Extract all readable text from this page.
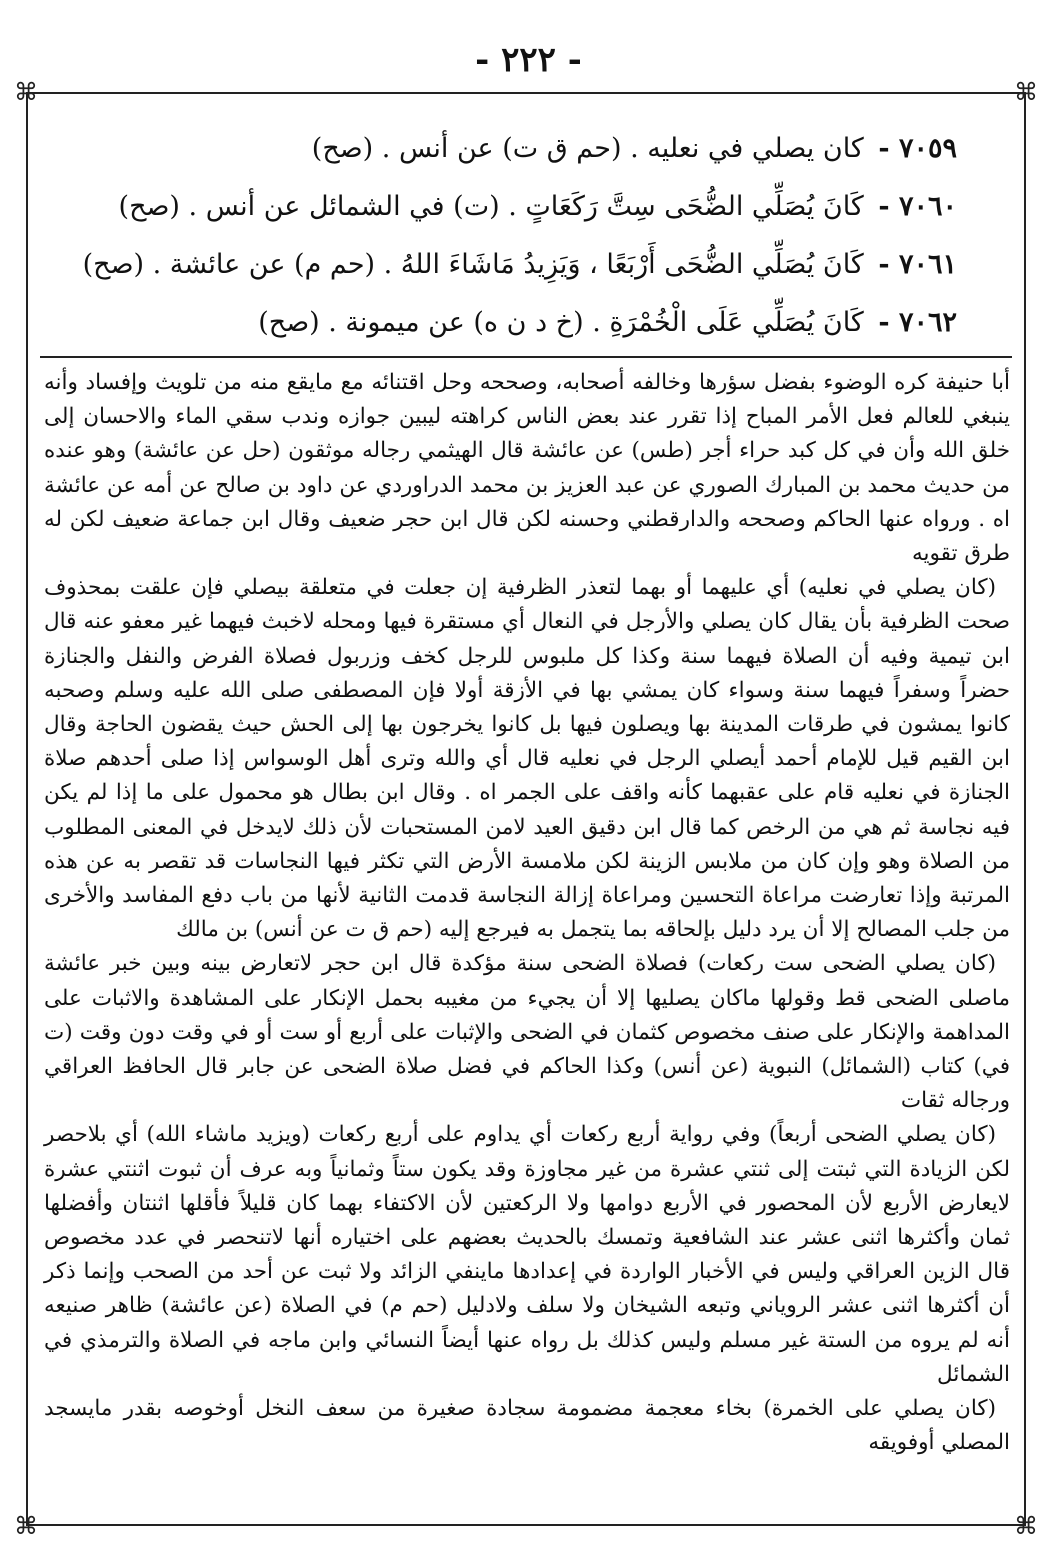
- ٢٢٢ -
⌘	⌘
⌘	⌘
٧٠٥٩ - كان يصلي في نعليه . (حم ق ت) عن أنس . (صح)
٧٠٦٠ - كَانَ يُصَلِّي الضُّحَى سِتَّ رَكَعَاتٍ . (ت) في الشمائل عن أنس . (صح)
٧٠٦١ - كَانَ يُصَلِّي الضُّحَى أَرْبَعًا ، وَيَزِيدُ مَاشَاءَ اللهُ . (حم م) عن عائشة . (صح)
٧٠٦٢ - كَانَ يُصَلِّي عَلَى الْخُمْرَةِ . (خ د ن ه) عن ميمونة . (صح)

أبا حنيفة كره الوضوء بفضل سؤرها وخالفه أصحابه، وصححه وحل اقتنائه مع مايقع منه من تلويث وإفساد وأنه ينبغي للعالم فعل الأمر المباح إذا تقرر عند بعض الناس كراهته ليبين جوازه وندب سقي الماء والاحسان إلى خلق الله وأن في كل كبد حراء أجر (طس) عن عائشة قال الهيثمي رجاله موثقون (حل عن عائشة) وهو عنده من حديث محمد بن المبارك الصوري عن عبد العزيز بن محمد الدراوردي عن داود بن صالح عن أمه عن عائشة اه . ورواه عنها الحاكم وصححه والدارقطني وحسنه لكن قال ابن حجر ضعيف وقال ابن جماعة ضعيف لكن له طرق تقويه

(كان يصلي في نعليه) أي عليهما أو بهما لتعذر الظرفية إن جعلت في متعلقة بيصلي فإن علقت بمحذوف صحت الظرفية بأن يقال كان يصلي والأرجل في النعال أي مستقرة فيها ومحله لاخبث فيهما غير معفو عنه قال ابن تيمية وفيه أن الصلاة فيهما سنة وكذا كل ملبوس للرجل كخف وزربول فصلاة الفرض والنفل والجنازة حضراً وسفراً فيهما سنة وسواء كان يمشي بها في الأزقة أولا فإن المصطفى صلى الله عليه وسلم وصحبه كانوا يمشون في طرقات المدينة بها ويصلون فيها بل كانوا يخرجون بها إلى الحش حيث يقضون الحاجة وقال ابن القيم قيل للإمام أحمد أيصلي الرجل في نعليه قال أي والله وترى أهل الوسواس إذا صلى أحدهم صلاة الجنازة في نعليه قام على عقبهما كأنه واقف على الجمر اه . وقال ابن بطال هو محمول على ما إذا لم يكن فيه نجاسة ثم هي من الرخص كما قال ابن دقيق العيد لامن المستحبات لأن ذلك لايدخل في المعنى المطلوب من الصلاة وهو وإن كان من ملابس الزينة لكن ملامسة الأرض التي تكثر فيها النجاسات قد تقصر به عن هذه المرتبة وإذا تعارضت مراعاة التحسين ومراعاة إزالة النجاسة قدمت الثانية لأنها من باب دفع المفاسد والأخرى من جلب المصالح إلا أن يرد دليل بإلحاقه بما يتجمل به فيرجع إليه (حم ق ت عن أنس) بن مالك

(كان يصلي الضحى ست ركعات) فصلاة الضحى سنة مؤكدة قال ابن حجر لاتعارض بينه وبين خبر عائشة ماصلى الضحى قط وقولها ماكان يصليها إلا أن يجيء من مغيبه بحمل الإنكار على المشاهدة والاثبات على المداهمة والإنكار على صنف مخصوص كثمان في الضحى والإثبات على أربع أو ست أو في وقت دون وقت (ت في) كتاب (الشمائل) النبوية (عن أنس) وكذا الحاكم في فضل صلاة الضحى عن جابر قال الحافظ العراقي ورجاله ثقات

(كان يصلي الضحى أربعاً) وفي رواية أربع ركعات أي يداوم على أربع ركعات (ويزيد ماشاء الله) أي بلاحصر لكن الزيادة التي ثبتت إلى ثنتي عشرة من غير مجاوزة وقد يكون ستاً وثمانياً وبه عرف أن ثبوت اثنتي عشرة لايعارض الأربع لأن المحصور في الأربع دوامها ولا الركعتين لأن الاكتفاء بهما كان قليلاً فأقلها اثنتان وأفضلها ثمان وأكثرها اثنى عشر عند الشافعية وتمسك بالحديث بعضهم على اختياره أنها لاتنحصر في عدد مخصوص قال الزين العراقي وليس في الأخبار الواردة في إعدادها ماينفي الزائد ولا ثبت عن أحد من الصحب وإنما ذكر أن أكثرها اثنى عشر الروياني وتبعه الشيخان ولا سلف ولادليل (حم م) في الصلاة (عن عائشة) ظاهر صنيعه أنه لم يروه من الستة غير مسلم وليس كذلك بل رواه عنها أيضاً النسائي وابن ماجه في الصلاة والترمذي في الشمائل

(كان يصلي على الخمرة) بخاء معجمة مضمومة سجادة صغيرة من سعف النخل أوخوصه بقدر مايسجد المصلي أوفويقه
